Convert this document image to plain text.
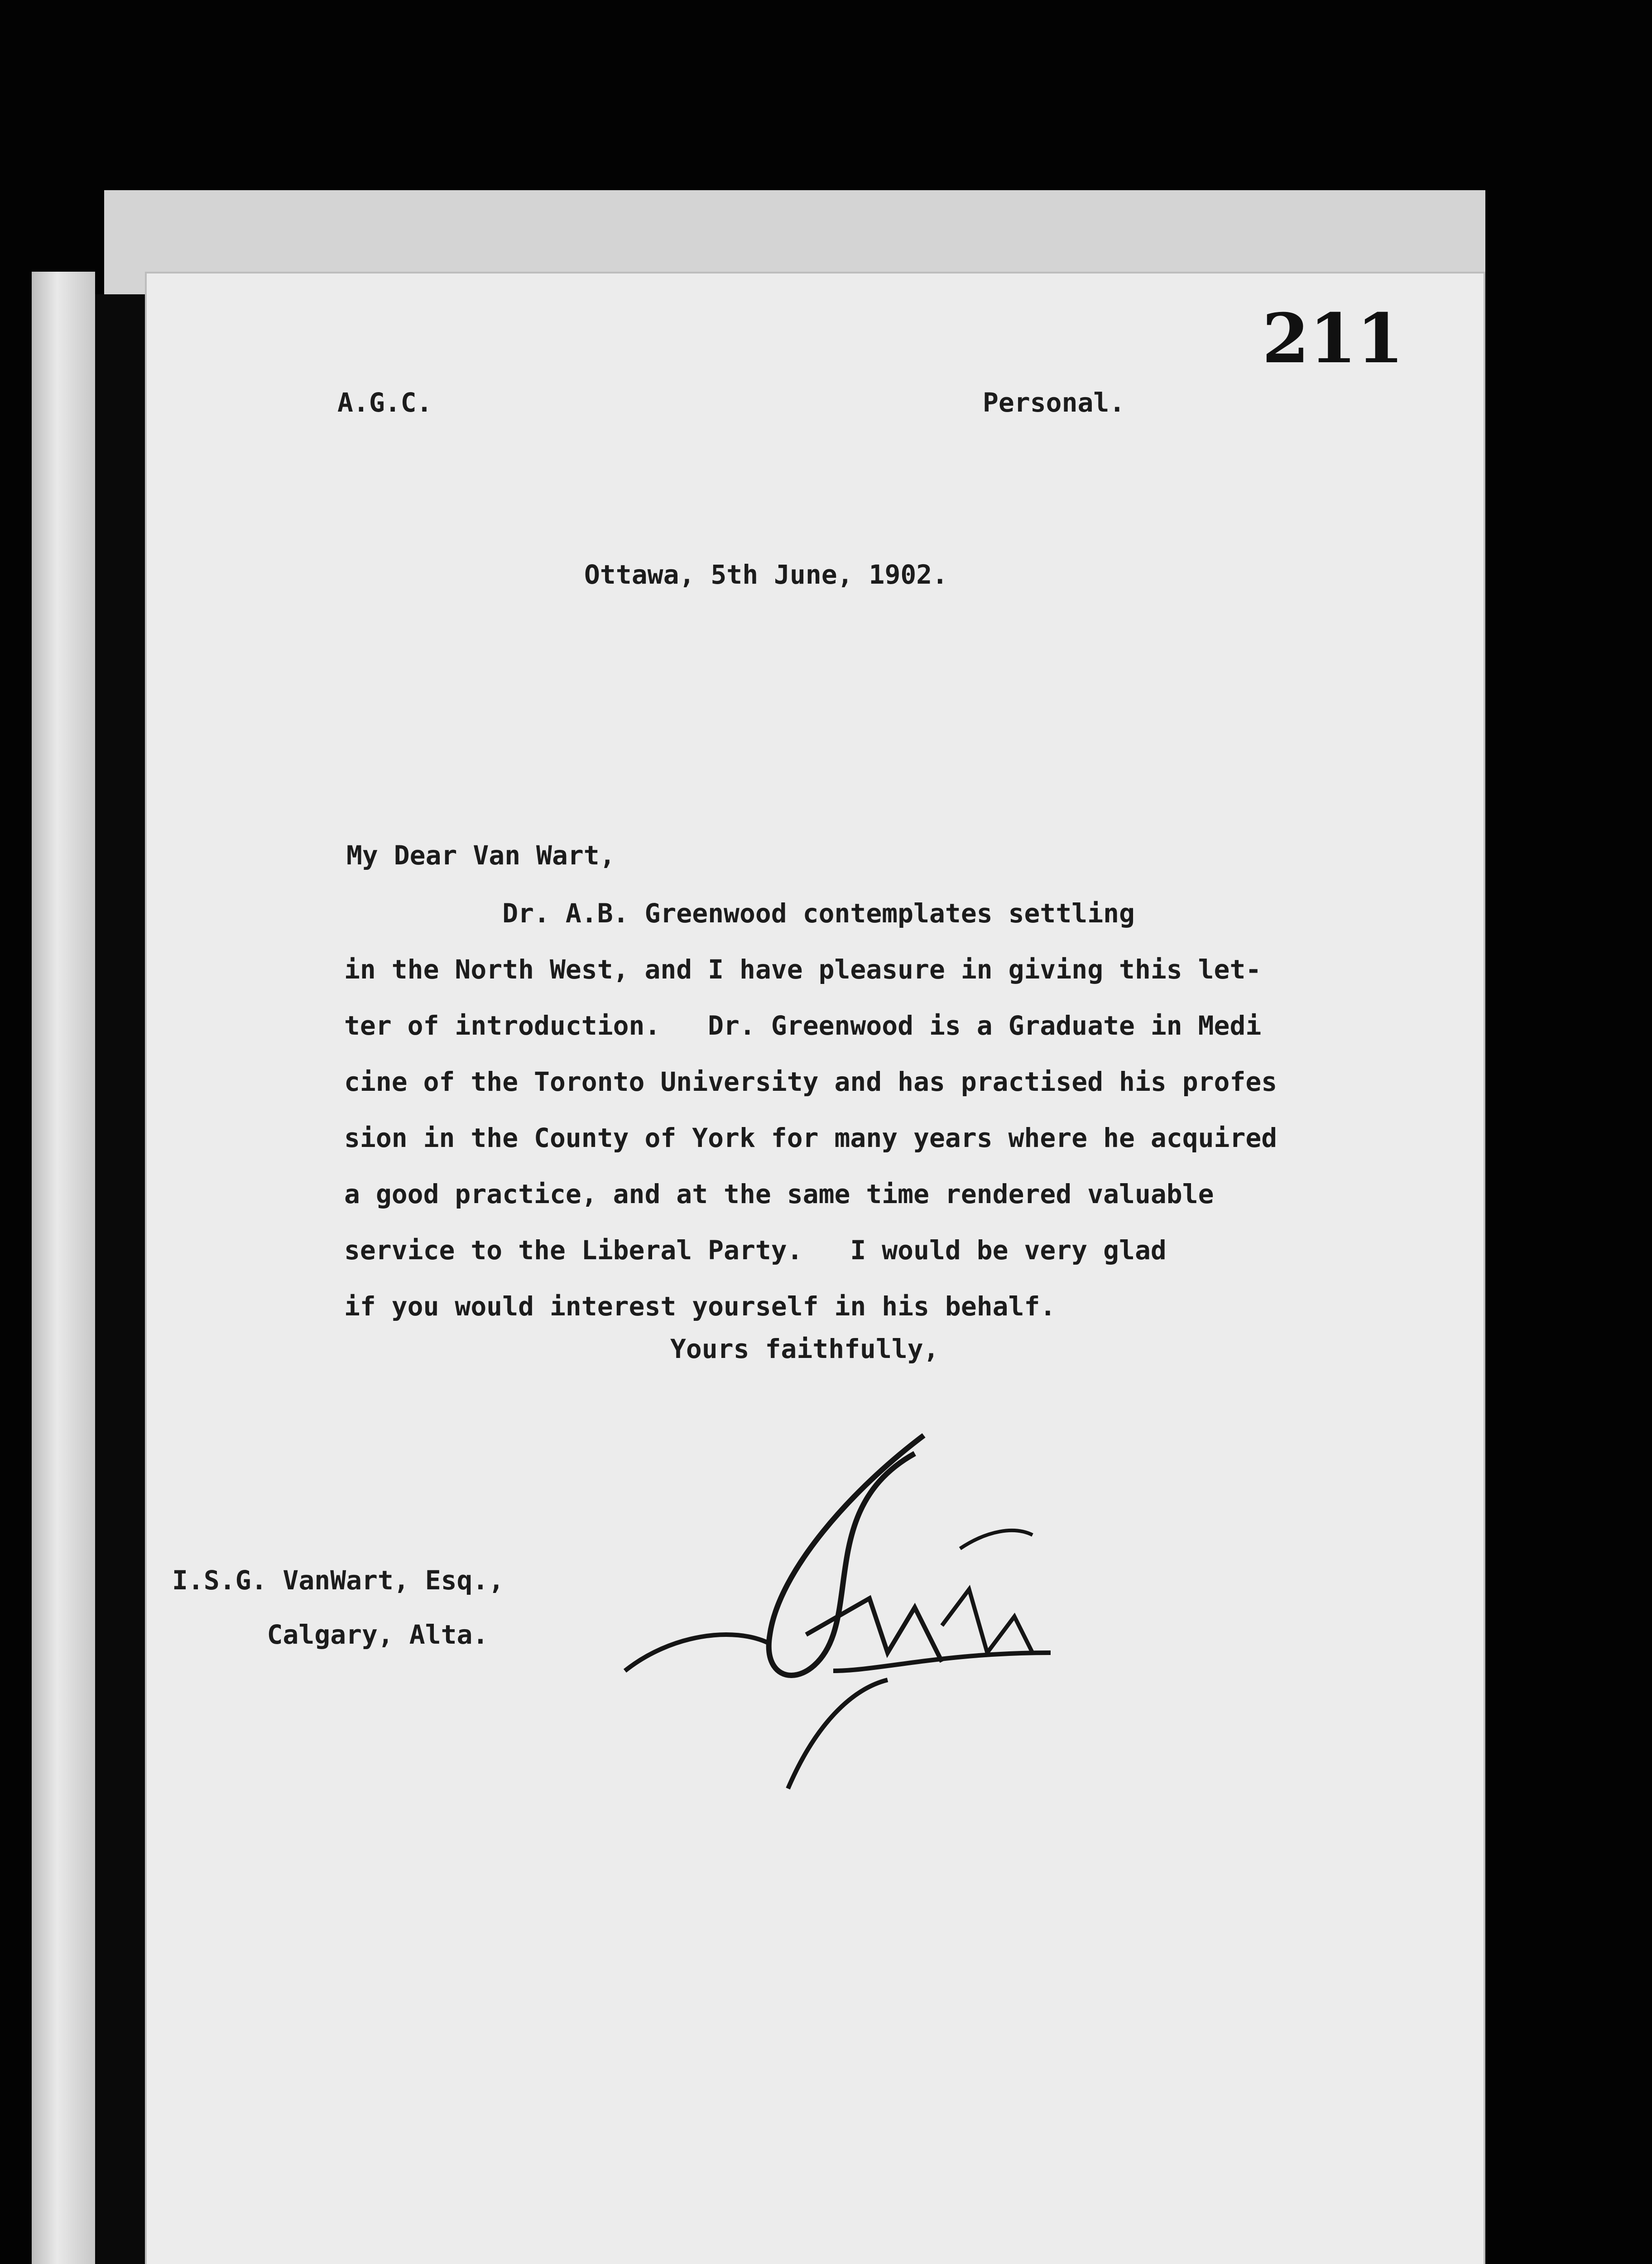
211
A.G.C.	Personal.
Ottawa, 5th June, 1902.
My Dear Van Wart,
Dr. A.B. Greenwood contemplates settling
in the North West, and I have pleasure in giving this let-
ter of introduction.   Dr. Greenwood is a Graduate in Medi
cine of the Toronto University and has practised his profes
sion in the County of York for many years where he acquired
a good practice, and at the same time rendered valuable
service to the Liberal Party.   I would be very glad
if you would interest yourself in his behalf.
Yours faithfully,
I.S.G. VanWart, Esq.,
Calgary, Alta.
